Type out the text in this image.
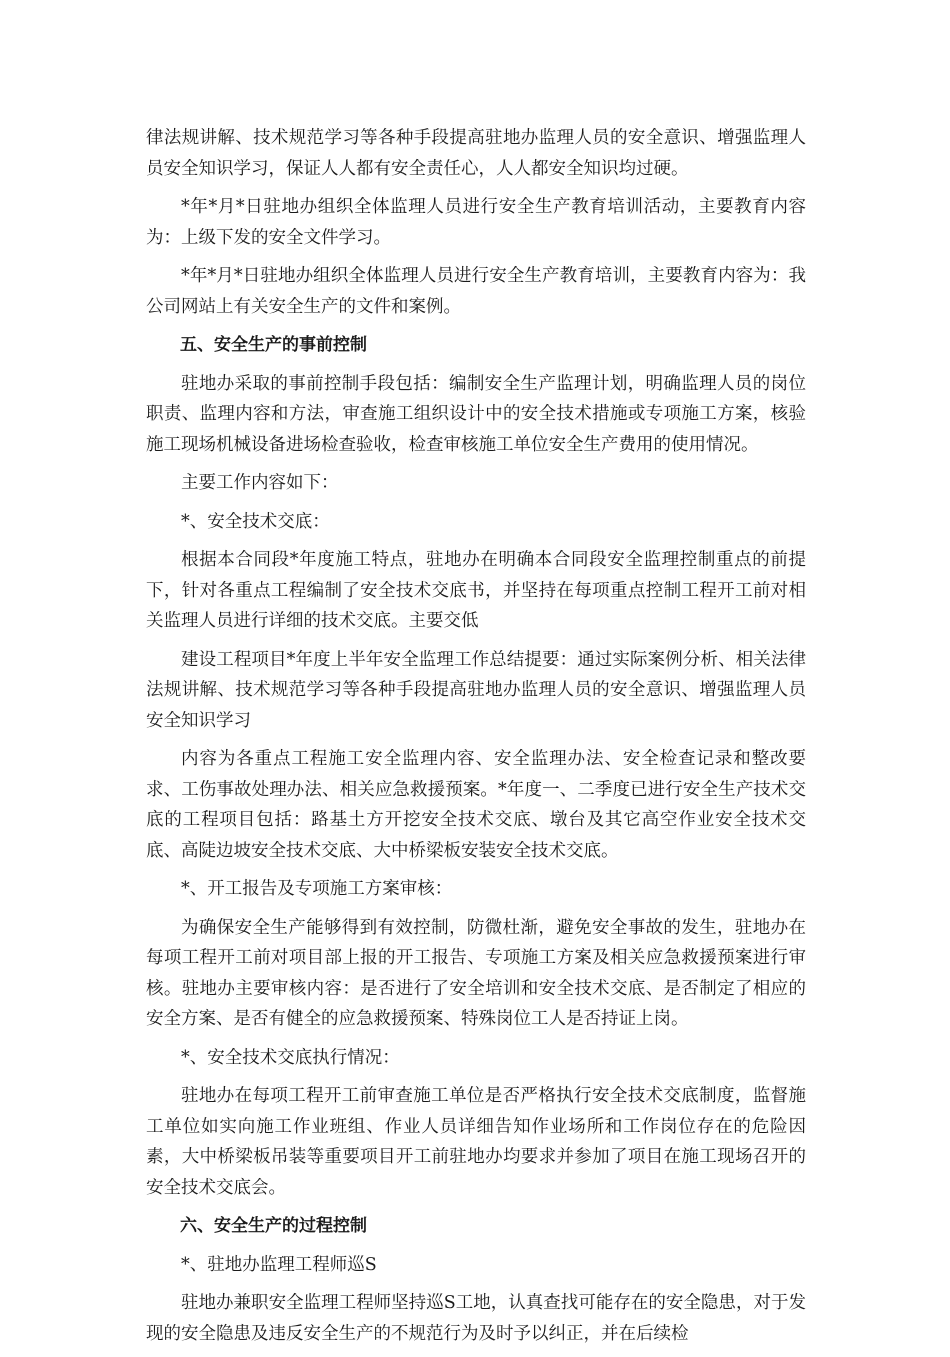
律法规讲解、技术规范学习等各种手段提高驻地办监理人员的安全意识、增强监理人员安全知识学习，保证人人都有安全责任心，人人都安全知识均过硬。

*年*月*日驻地办组织全体监理人员进行安全生产教育培训活动，主要教育内容为：上级下发的安全文件学习。

*年*月*日驻地办组织全体监理人员进行安全生产教育培训，主要教育内容为：我公司网站上有关安全生产的文件和案例。

五、安全生产的事前控制

驻地办采取的事前控制手段包括：编制安全生产监理计划，明确监理人员的岗位职责、监理内容和方法，审查施工组织设计中的安全技术措施或专项施工方案，核验施工现场机械设备进场检查验收，检查审核施工单位安全生产费用的使用情况。

主要工作内容如下：

*、安全技术交底：

根据本合同段*年度施工特点，驻地办在明确本合同段安全监理控制重点的前提下，针对各重点工程编制了安全技术交底书，并坚持在每项重点控制工程开工前对相关监理人员进行详细的技术交底。主要交低

建设工程项目*年度上半年安全监理工作总结提要：通过实际案例分析、相关法律法规讲解、技术规范学习等各种手段提高驻地办监理人员的安全意识、增强监理人员安全知识学习

内容为各重点工程施工安全监理内容、安全监理办法、安全检查记录和整改要求、工伤事故处理办法、相关应急救援预案。*年度一、二季度已进行安全生产技术交底的工程项目包括：路基土方开挖安全技术交底、墩台及其它高空作业安全技术交底、高陡边坡安全技术交底、大中桥梁板安装安全技术交底。

*、开工报告及专项施工方案审核：

为确保安全生产能够得到有效控制，防微杜渐，避免安全事故的发生，驻地办在每项工程开工前对项目部上报的开工报告、专项施工方案及相关应急救援预案进行审核。驻地办主要审核内容：是否进行了安全培训和安全技术交底、是否制定了相应的安全方案、是否有健全的应急救援预案、特殊岗位工人是否持证上岗。

*、安全技术交底执行情况：

驻地办在每项工程开工前审查施工单位是否严格执行安全技术交底制度，监督施工单位如实向施工作业班组、作业人员详细告知作业场所和工作岗位存在的危险因素，大中桥梁板吊装等重要项目开工前驻地办均要求并参加了项目在施工现场召开的安全技术交底会。

六、安全生产的过程控制

*、驻地办监理工程师巡S

驻地办兼职安全监理工程师坚持巡S工地，认真查找可能存在的安全隐患，对于发现的安全隐患及违反安全生产的不规范行为及时予以纠正，并在后续检
